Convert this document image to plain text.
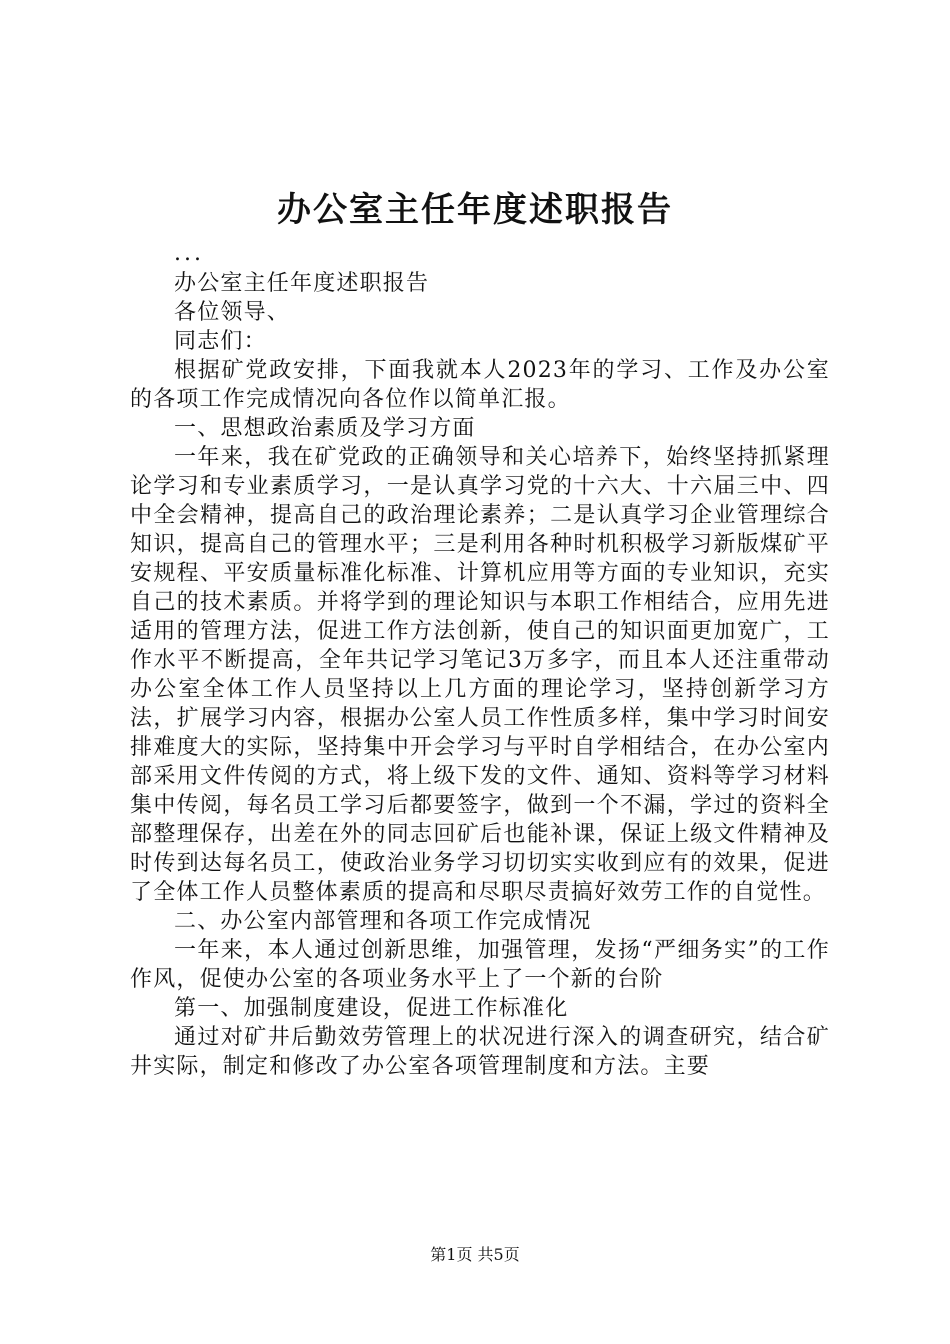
办公室主任年度述职报告

...

办公室主任年度述职报告

各位领导、

同志们：

根据矿党政安排，下面我就本人2023年的学习、工作及办公室的各项工作完成情况向各位作以简单汇报。

一、思想政治素质及学习方面

一年来，我在矿党政的正确领导和关心培养下，始终坚持抓紧理论学习和专业素质学习，一是认真学习党的十六大、十六届三中、四中全会精神，提高自己的政治理论素养；二是认真学习企业管理综合知识，提高自己的管理水平；三是利用各种时机积极学习新版煤矿平安规程、平安质量标准化标准、计算机应用等方面的专业知识，充实自己的技术素质。并将学到的理论知识与本职工作相结合，应用先进适用的管理方法，促进工作方法创新，使自己的知识面更加宽广，工作水平不断提高，全年共记学习笔记3万多字，而且本人还注重带动办公室全体工作人员坚持以上几方面的理论学习，坚持创新学习方法，扩展学习内容，根据办公室人员工作性质多样，集中学习时间安排难度大的实际，坚持集中开会学习与平时自学相结合，在办公室内部采用文件传阅的方式，将上级下发的文件、通知、资料等学习材料集中传阅，每名员工学习后都要签字，做到一个不漏，学过的资料全部整理保存，出差在外的同志回矿后也能补课，保证上级文件精神及时传到达每名员工，使政治业务学习切切实实收到应有的效果，促进了全体工作人员整体素质的提高和尽职尽责搞好效劳工作的自觉性。

二、办公室内部管理和各项工作完成情况

一年来，本人通过创新思维，加强管理，发扬“严细务实”的工作作风，促使办公室的各项业务水平上了一个新的台阶

第一、加强制度建设，促进工作标准化

通过对矿井后勤效劳管理上的状况进行深入的调查研究，结合矿井实际，制定和修改了办公室各项管理制度和方法。主要

第1页 共5页
